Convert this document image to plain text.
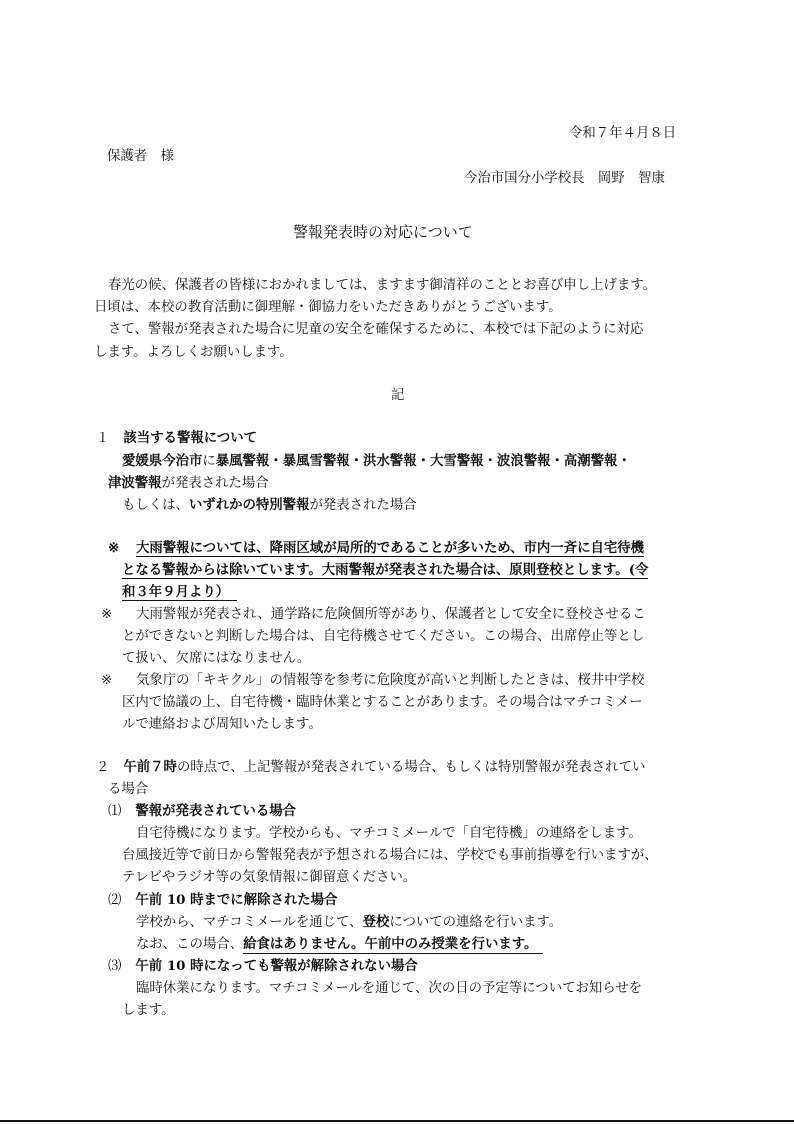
令和７年４月８日
保護者　様
今治市国分小学校長　岡野　智康
警報発表時の対応について
春光の候、保護者の皆様におかれましては、ますます御清祥のこととお喜び申し上げます。
日頃は、本校の教育活動に御理解・御協力をいただきありがとうございます。
さて、警報が発表された場合に児童の安全を確保するために、本校では下記のように対応
します。よろしくお願いします。
記
１ 該当する警報について
愛媛県今治市に暴風警報・暴風雪警報・洪水警報・大雪警報・波浪警報・高潮警報・
津波警報が発表された場合
もしくは、いずれかの特別警報が発表された場合
※ 大雨警報については、降雨区域が局所的であることが多いため、市内一斉に自宅待機
となる警報からは除いています。大雨警報が発表された場合は、原則登校とします。(令
和３年９月より）
※ 大雨警報が発表され、通学路に危険個所等があり、保護者として安全に登校させるこ
とができないと判断した場合は、自宅待機させてください。この場合、出席停止等とし
て扱い、欠席にはなりません。
※ 気象庁の「キキクル」の情報等を参考に危険度が高いと判断したときは、桜井中学校
区内で協議の上、自宅待機・臨時休業とすることがあります。その場合はマチコミメー
ルで連絡および周知いたします。
２ 午前７時の時点で、上記警報が発表されている場合、もしくは特別警報が発表されてい
る場合
⑴ 警報が発表されている場合
自宅待機になります。学校からも、マチコミメールで「自宅待機」の連絡をします。
台風接近等で前日から警報発表が予想される場合には、学校でも事前指導を行いますが、
テレビやラジオ等の気象情報に御留意ください。
⑵ 午前 10 時までに解除された場合
学校から、マチコミメールを通じて、登校についての連絡を行います。
なお、この場合、給食はありません。午前中のみ授業を行います。
⑶ 午前 10 時になっても警報が解除されない場合
臨時休業になります。マチコミメールを通じて、次の日の予定等についてお知らせを
します。
